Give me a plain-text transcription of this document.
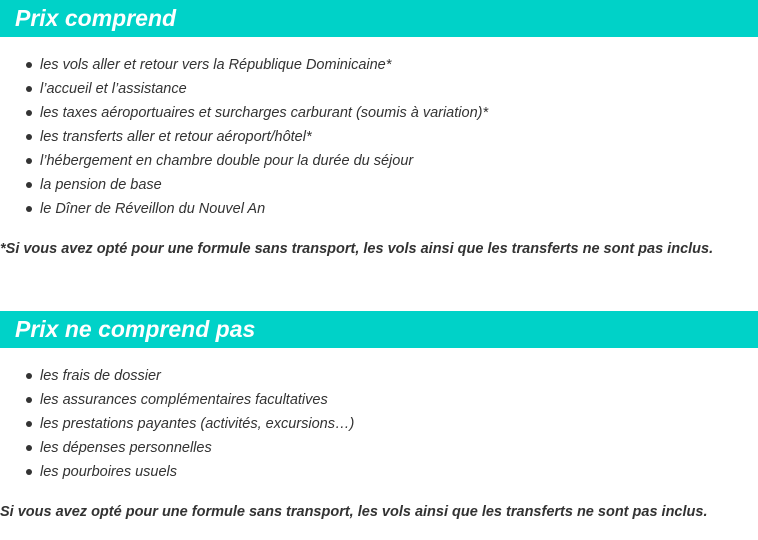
Prix comprend
les vols aller et retour vers la République Dominicaine*
l’accueil et l’assistance
les taxes aéroportuaires et surcharges carburant (soumis à variation)*
les transferts aller et retour aéroport/hôtel*
l’hébergement en chambre double pour la durée du séjour
la pension de base
le Dîner de Réveillon du Nouvel An
*Si vous avez opté pour une formule sans transport, les vols ainsi que les transferts ne sont pas inclus.
Prix ne comprend pas
les frais de dossier
les assurances complémentaires facultatives
les prestations payantes (activités, excursions…)
les dépenses personnelles
les pourboires usuels
Si vous avez opté pour une formule sans transport, les vols ainsi que les transferts ne sont pas inclus.
